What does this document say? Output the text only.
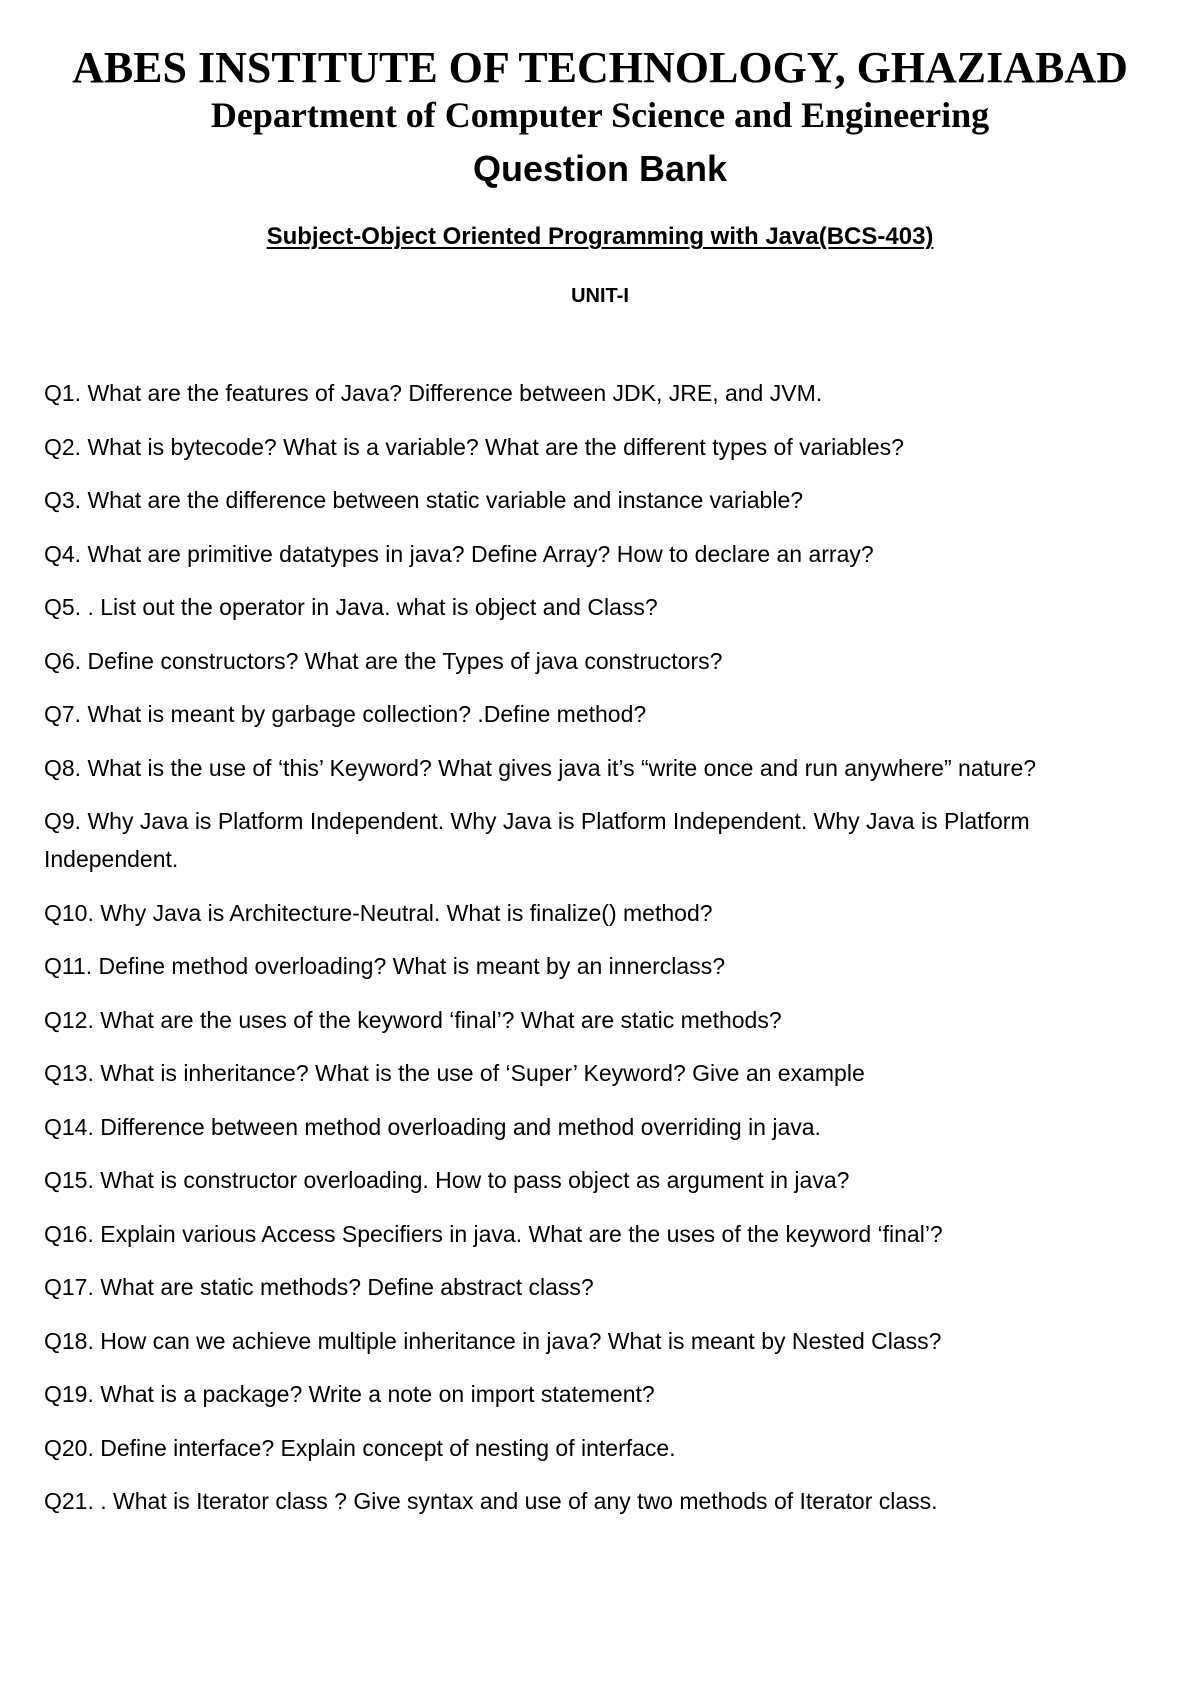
ABES INSTITUTE OF TECHNOLOGY, GHAZIABAD
Department of Computer Science and Engineering
Question Bank
Subject-Object Oriented Programming with Java(BCS-403)
UNIT-I
Q1. What are the features of Java? Difference between JDK, JRE, and JVM.
Q2. What is bytecode? What is a variable? What are the different types of variables?
Q3. What are the difference between static variable and instance variable?
Q4. What are primitive datatypes in java? Define Array? How to declare an array?
Q5. . List out the operator in Java. what is object and Class?
Q6. Define constructors? What are the Types of java constructors?
Q7. What is meant by garbage collection? .Define method?
Q8. What is the use of ‘this’ Keyword? What gives java it’s “write once and run anywhere” nature?
Q9. Why Java is Platform Independent. Why Java is Platform Independent. Why Java is Platform Independent.
Q10. Why Java is Architecture-Neutral. What is finalize() method?
Q11. Define method overloading? What is meant by an innerclass?
Q12. What are the uses of the keyword ‘final’? What are static methods?
Q13. What is inheritance? What is the use of ‘Super’ Keyword? Give an example
Q14. Difference between method overloading and method overriding in java.
Q15. What is constructor overloading. How to pass object as argument in java?
Q16. Explain various Access Specifiers in java. What are the uses of the keyword ‘final’?
Q17. What are static methods? Define abstract class?
Q18. How can we achieve multiple inheritance in java? What is meant by Nested Class?
Q19. What is a package? Write a note on import statement?
Q20. Define interface? Explain concept of nesting of interface.
Q21. . What is Iterator class ? Give syntax and use of any two methods of Iterator class.
